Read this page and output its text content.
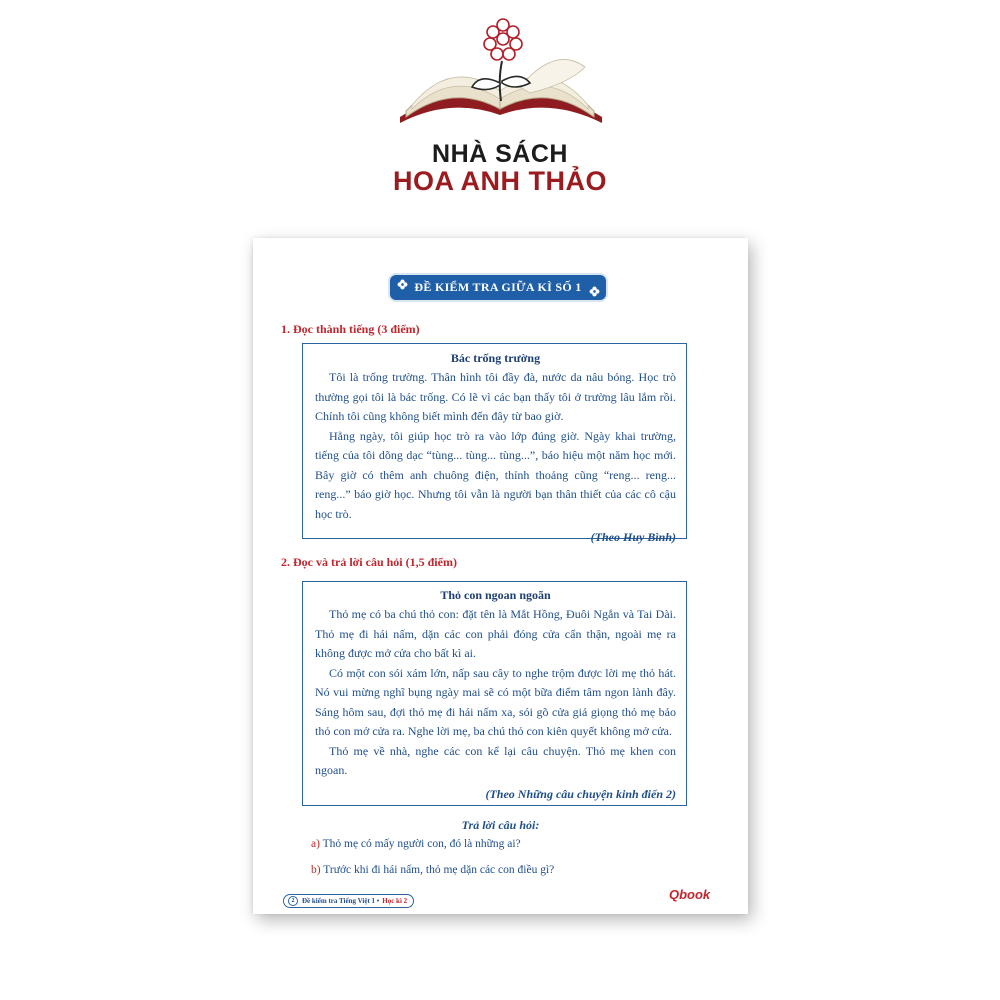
NHÀ SÁCH
HOA ANH THẢO
ĐỀ KIỂM TRA GIỮA KÌ SỐ 1
1. Đọc thành tiếng (3 điểm)
Bác trống trường

Tôi là trống trường. Thân hình tôi đầy đà, nước da nâu bóng. Học trò thường gọi tôi là bác trống. Có lẽ vì các bạn thấy tôi ở trường lâu lắm rồi. Chính tôi cũng không biết mình đến đây từ bao giờ.

Hằng ngày, tôi giúp học trò ra vào lớp đúng giờ. Ngày khai trường, tiếng của tôi dõng dạc “tùng... tùng... tùng...”, báo hiệu một năm học mới. Bây giờ có thêm anh chuông điện, thỉnh thoảng cũng “reng... reng... reng...” báo giờ học. Nhưng tôi vẫn là người bạn thân thiết của các cô cậu học trò.

(Theo Huy Bình)
2. Đọc và trả lời câu hỏi (1,5 điểm)
Thỏ con ngoan ngoãn

Thỏ mẹ có ba chú thỏ con: đặt tên là Mắt Hồng, Đuôi Ngắn và Tai Dài. Thỏ mẹ đi hái nấm, dặn các con phải đóng cửa cẩn thận, ngoài mẹ ra không được mở cửa cho bất kì ai.

Có một con sói xám lớn, nấp sau cây to nghe trộm được lời mẹ thỏ hát. Nó vui mừng nghĩ bụng ngày mai sẽ có một bữa điểm tâm ngon lành đây. Sáng hôm sau, đợi thỏ mẹ đi hái nấm xa, sói gõ cửa giả giọng thỏ mẹ bảo thỏ con mở cửa ra. Nghe lời mẹ, ba chú thỏ con kiên quyết không mở cửa.

Thỏ mẹ về nhà, nghe các con kể lại câu chuyện. Thỏ mẹ khen con ngoan.

(Theo Những câu chuyện kinh điển 2)
Trả lời câu hỏi:
a) Thỏ mẹ có mấy người con, đó là những ai?
b) Trước khi đi hái nấm, thỏ mẹ dặn các con điều gì?
2	Đề kiểm tra Tiếng Việt 1 • Học kì 2	Qbook
